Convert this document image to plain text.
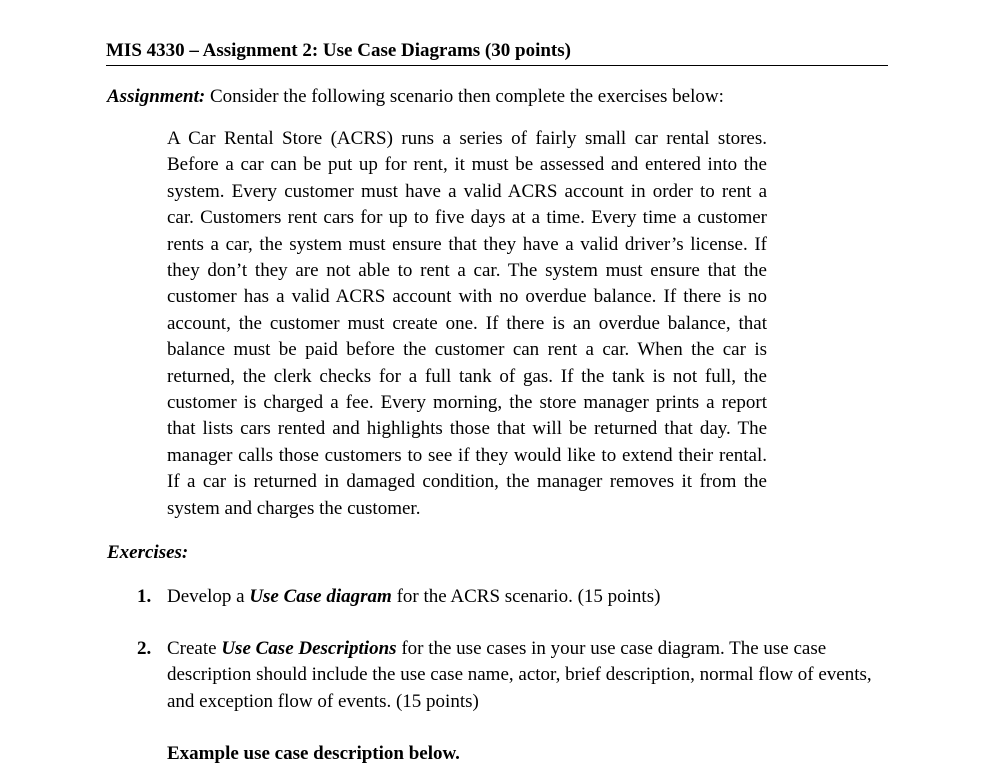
MIS 4330 – Assignment 2: Use Case Diagrams (30 points)
Assignment: Consider the following scenario then complete the exercises below:
A Car Rental Store (ACRS) runs a series of fairly small car rental stores. Before a car can be put up for rent, it must be assessed and entered into the system. Every customer must have a valid ACRS account in order to rent a car. Customers rent cars for up to five days at a time. Every time a customer rents a car, the system must ensure that they have a valid driver’s license. If they don’t they are not able to rent a car. The system must ensure that the customer has a valid ACRS account with no overdue balance. If there is no account, the customer must create one. If there is an overdue balance, that balance must be paid before the customer can rent a car. When the car is returned, the clerk checks for a full tank of gas. If the tank is not full, the customer is charged a fee. Every morning, the store manager prints a report that lists cars rented and highlights those that will be returned that day. The manager calls those customers to see if they would like to extend their rental. If a car is returned in damaged condition, the manager removes it from the system and charges the customer.
Exercises:
1. Develop a Use Case diagram for the ACRS scenario. (15 points)
2. Create Use Case Descriptions for the use cases in your use case diagram. The use case description should include the use case name, actor, brief description, normal flow of events, and exception flow of events. (15 points)
Example use case description below.
